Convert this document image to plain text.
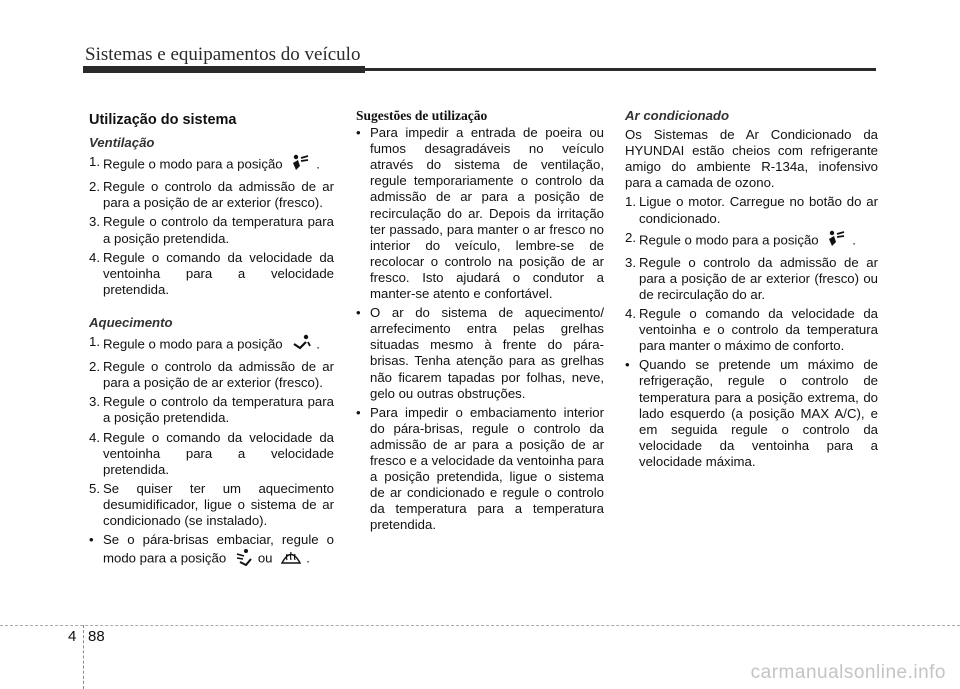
Sistemas e equipamentos do veículo
Utilização do sistema
Ventilação
1. Regule o modo para a posição	.
2. Regule o controlo da admissão de ar para a posição de ar exterior (fresco).
3. Regule o controlo da temperatura para a posição pretendida.
4. Regule o comando da velocidade da ventoinha para a velocidade pretendida.
Aquecimento
1. Regule o modo para a posição	.
2. Regule o controlo da admissão de ar para a posição de ar exterior (fresco).
3. Regule o controlo da temperatura para a posição pretendida.
4. Regule o comando da velocidade da ventoinha para a velocidade pretendida.
5. Se quiser ter um aquecimento desumidificador, ligue o sistema de ar condicionado (se instalado).
• Se o pára-brisas embaciar, regule o modo para a posição ou	.
Sugestões de utilização
• Para impedir a entrada de poeira ou fumos desagradáveis no veículo através do sistema de ventilação, regule temporariamente o controlo da admissão de ar para a posição de recirculação do ar. Depois da irritação ter passado, para manter o ar fresco no interior do veículo, lembre-se de recolocar o controlo na posição de ar fresco. Isto ajudará o condutor a manter-se atento e confortável.
• O ar do sistema de aquecimento/ arrefecimento entra pelas grelhas situadas mesmo à frente do pára-brisas. Tenha atenção para as grelhas não ficarem tapadas por folhas, neve, gelo ou outras obstruções.
• Para impedir o embaciamento interior do pára-brisas, regule o controlo da admissão de ar para a posição de ar fresco e a velocidade da ventoinha para a posição pretendida, ligue o sistema de ar condicionado e regule o controlo da temperatura para a temperatura pretendida.
Ar condicionado
Os Sistemas de Ar Condicionado da HYUNDAI estão cheios com refrigerante amigo do ambiente R-134a, inofensivo para a camada de ozono.
1. Ligue o motor. Carregue no botão do ar condicionado.
2. Regule o modo para a posição	.
3. Regule o controlo da admissão de ar para a posição de ar exterior (fresco) ou de recirculação do ar.
4. Regule o comando da velocidade da ventoinha e o controlo da temperatura para manter o máximo de conforto.
• Quando se pretende um máximo de refrigeração, regule o controlo de temperatura para a posição extrema, do lado esquerdo (a posição MAX A/C), e em seguida regule o controlo da velocidade da ventoinha para a velocidade máxima.
4 88
carmanualsonline.info
